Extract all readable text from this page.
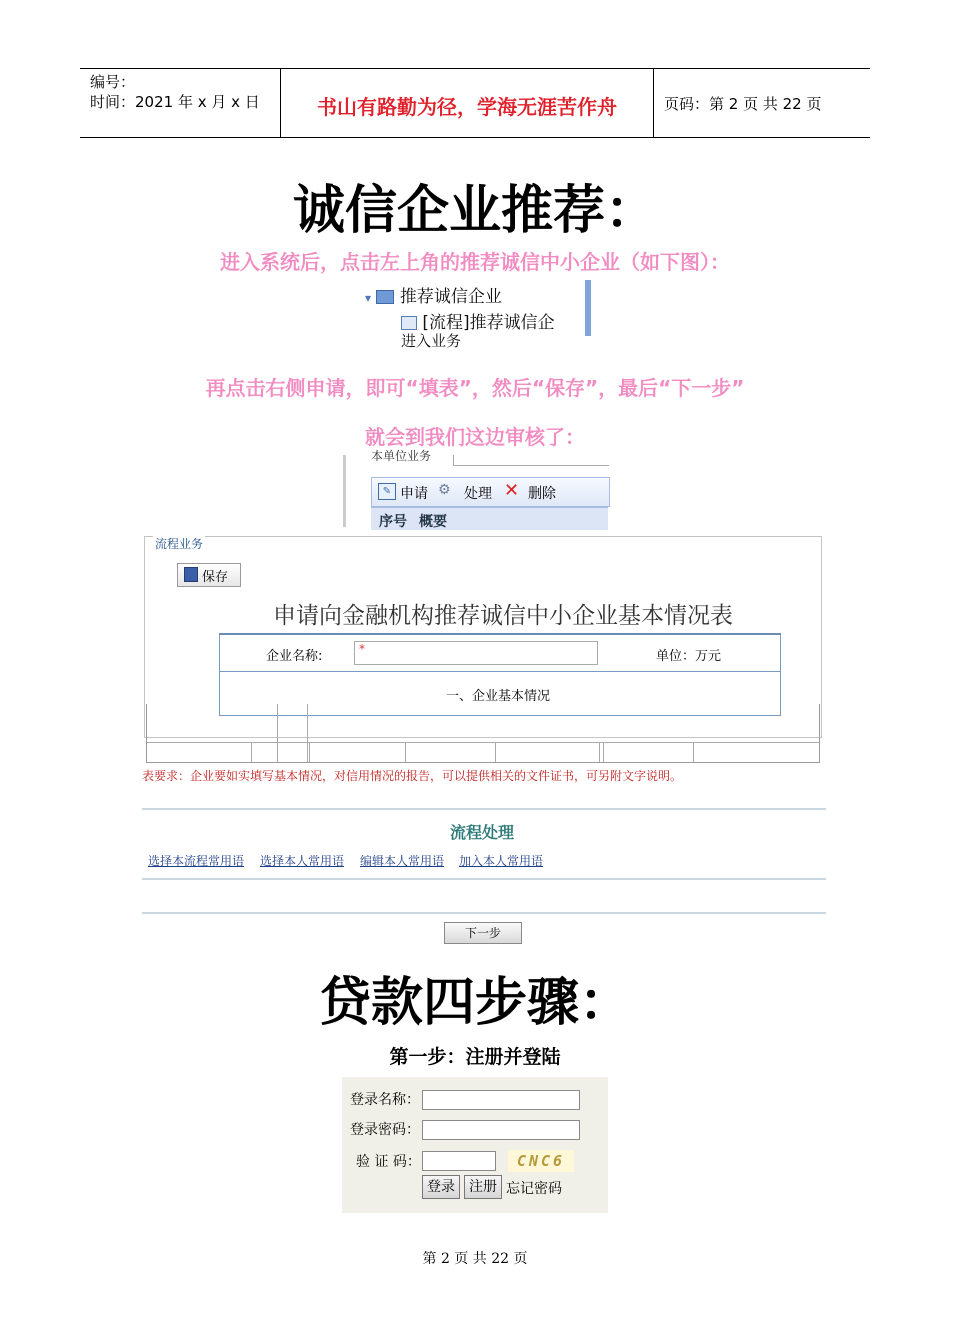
编号：
时间：2021 年 x 月 x 日	书山有路勤为径，学海无涯苦作舟	页码：第 2 页 共 22 页
诚信企业推荐：
进入系统后，点击左上角的推荐诚信中小企业（如下图）：
▾ 推荐诚信企业
[流程]推荐诚信企
进入业务
再点击右侧申请，即可“填表”，然后“保存”，最后“下一步”
就会到我们这边审核了：
本单位业务
✎ 申请 ⚙ 处理 ✕ 删除
序号 概要
流程业务
保存
申请向金融机构推荐诚信中小企业基本情况表
企业名称:	*	单位：万元
一、企业基本情况
表要求：企业要如实填写基本情况，对信用情况的报告，可以提供相关的文件证书，可另附文字说明。
流程处理
选择本流程常用语 选择本人常用语 编辑本人常用语 加入本人常用语
下一步
贷款四步骤：
第一步：注册并登陆
登录名称：
登录密码：
验 证 码：	CNC6
登录	注册 忘记密码
第 2 页 共 22 页
